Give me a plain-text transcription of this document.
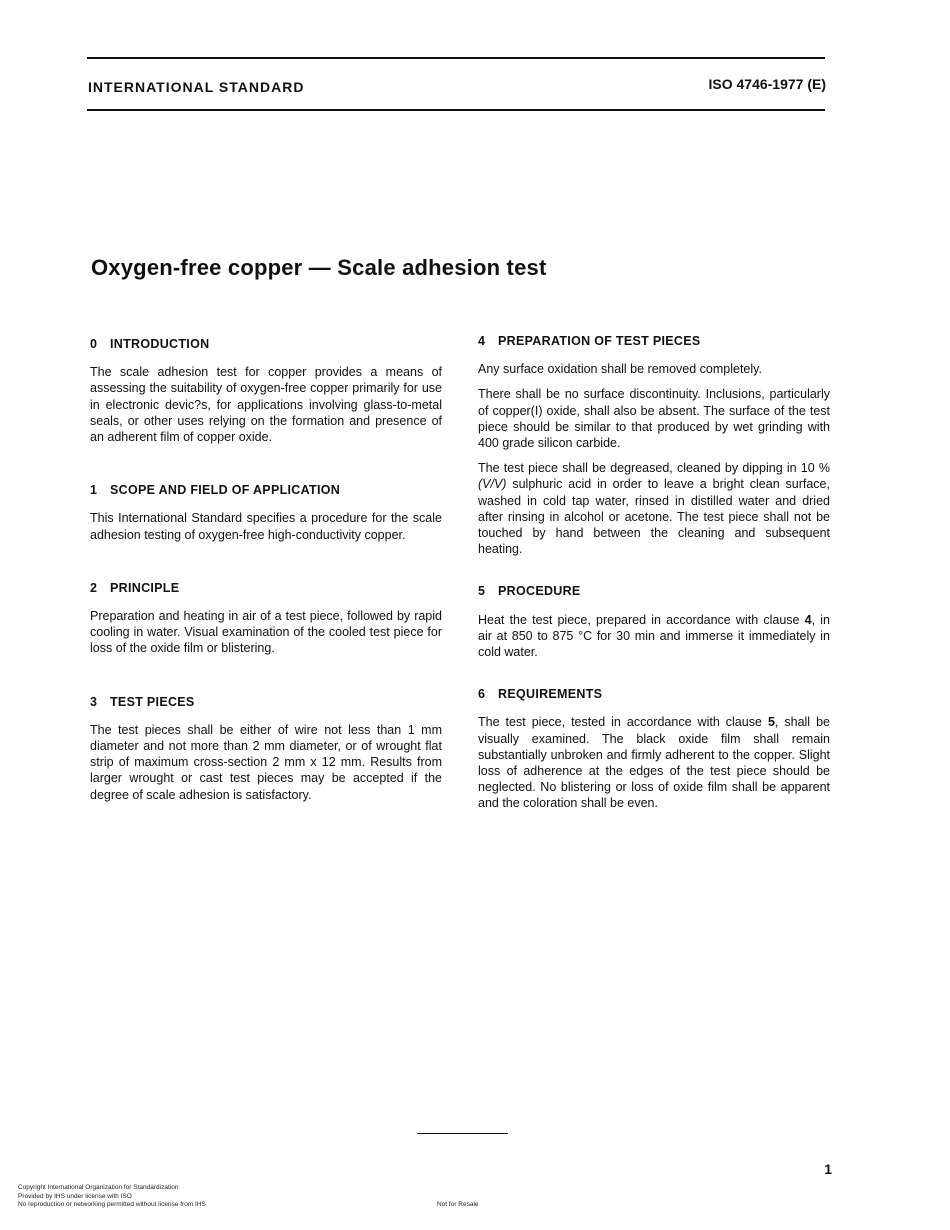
INTERNATIONAL STANDARD	ISO 4746-1977 (E)
Oxygen-free copper — Scale adhesion test
0 INTRODUCTION

The scale adhesion test for copper provides a means of assessing the suitability of oxygen-free copper primarily for use in electronic devic?s, for applications involving glass-to-metal seals, or other uses relying on the formation and presence of an adherent film of copper oxide.

1 SCOPE AND FIELD OF APPLICATION

This International Standard specifies a procedure for the scale adhesion testing of oxygen-free high-conductivity copper.

2 PRINCIPLE

Preparation and heating in air of a test piece, followed by rapid cooling in water. Visual examination of the cooled test piece for loss of the oxide film or blistering.

3 TEST PIECES

The test pieces shall be either of wire not less than 1 mm diameter and not more than 2 mm diameter, or of wrought flat strip of maximum cross-section 2 mm x 12 mm. Results from larger wrought or cast test pieces may be accepted if the degree of scale adhesion is satisfactory.

4 PREPARATION OF TEST PIECES

Any surface oxidation shall be removed completely.

There shall be no surface discontinuity. Inclusions, particularly of copper(I) oxide, shall also be absent. The surface of the test piece should be similar to that produced by wet grinding with 400 grade silicon carbide.

The test piece shall be degreased, cleaned by dipping in 10 % (V/V) sulphuric acid in order to leave a bright clean surface, washed in cold tap water, rinsed in distilled water and dried after rinsing in alcohol or acetone. The test piece shall not be touched by hand between the cleaning and subsequent heating.

5 PROCEDURE

Heat the test piece, prepared in accordance with clause 4, in air at 850 to 875 °C for 30 min and immerse it immediately in cold water.

6 REQUIREMENTS

The test piece, tested in accordance with clause 5, shall be visually examined. The black oxide film shall remain substantially unbroken and firmly adherent to the copper. Slight loss of adherence at the edges of the test piece should be neglected. No blistering or loss of oxide film shall be apparent and the coloration shall be even.

1
Copyright International Organization for Standardization
Provided by IHS under license with ISO
No reproduction or networking permitted without license from IHS	Not for Resale
